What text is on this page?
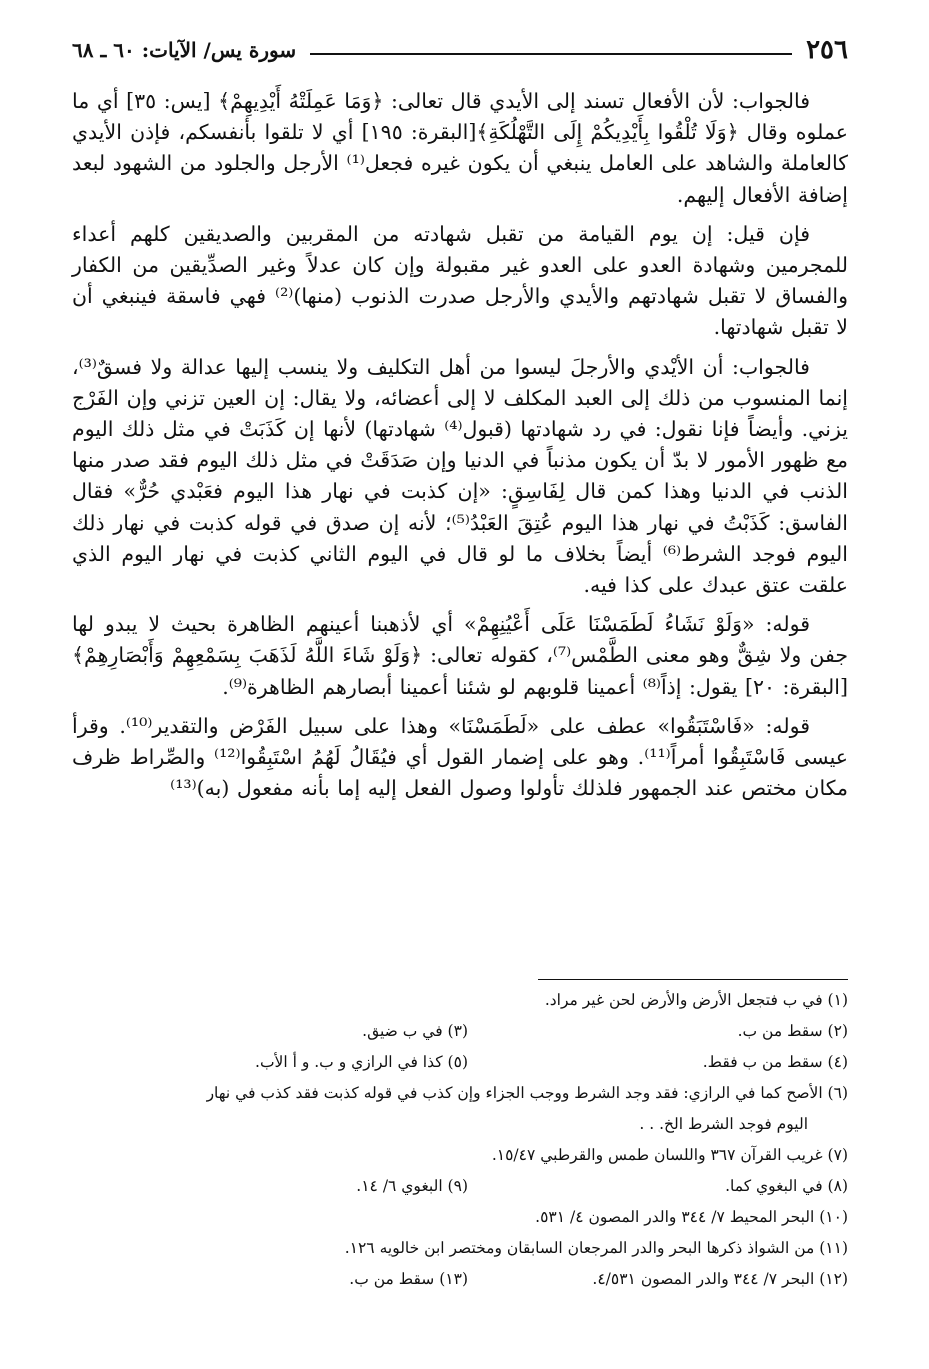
٢٥٦
سورة يس/ الآيات: ٦٠ ـ ٦٨

فالجواب: لأن الأفعال تسند إلى الأيدي قال تعالى: ﴿وَمَا عَمِلَتْهُ أَيْدِيهِمْ﴾ [يس: ٣٥] أي ما عملوه وقال ﴿وَلَا تُلْقُوا بِأَيْدِيكُمْ إِلَى التَّهْلُكَةِ﴾[البقرة: ١٩٥] أي لا تلقوا بأنفسكم، فإذن الأيدي كالعاملة والشاهد على العامل ينبغي أن يكون غيره فجعل⁽¹⁾ الأرجل والجلود من الشهود لبعد إضافة الأفعال إليهم.

فإن قيل: إن يوم القيامة من تقبل شهادته من المقربين والصديقين كلهم أعداء للمجرمين وشهادة العدو على العدو غير مقبولة وإن كان عدلاً وغير الصدِّيقين من الكفار والفساق لا تقبل شهادتهم والأيدي والأرجل صدرت الذنوب (منها)⁽²⁾ فهي فاسقة فينبغي أن لا تقبل شهادتها.

فالجواب: أن الأيْدي والأرجلَ ليسوا من أهل التكليف ولا ينسب إليها عدالة ولا فسقٌ⁽³⁾، إنما المنسوب من ذلك إلى العبد المكلف لا إلى أعضائه، ولا يقال: إن العين تزني وإن الفَرْج يزني. وأيضاً فإنا نقول: في رد شهادتها (قبول⁽⁴⁾ شهادتها) لأنها إن كَذَبَتْ في مثل ذلك اليوم مع ظهور الأمور لا بدّ أن يكون مذنباً في الدنيا وإن صَدَقَتْ في مثل ذلك اليوم فقد صدر منها الذنب في الدنيا وهذا كمن قال لِفَاسِقٍ: «إن كذبت في نهار هذا اليوم فعَبْدي حُرٌّ» فقال الفاسق: كَذَبْتُ في نهار هذا اليوم عُتِقَ العَبْدُ⁽⁵⁾؛ لأنه إن صدق في قوله كذبت في نهار ذلك اليوم فوجد الشرط⁽⁶⁾ أيضاً بخلاف ما لو قال في اليوم الثاني كذبت في نهار اليوم الذي علقت عتق عبدك على كذا فيه.

قوله: «وَلَوْ نَشَاءُ لَطَمَسْنَا عَلَى أَعْيُنِهِمْ» أي لأذهبنا أعينهم الظاهرة بحيث لا يبدو لها جفن ولا شِقٌّ وهو معنى الطَّمْس⁽⁷⁾، كقوله تعالى: ﴿وَلَوْ شَاءَ اللَّهُ لَذَهَبَ بِسَمْعِهِمْ وَأَبْصَارِهِمْ﴾ [البقرة: ٢٠] يقول: إذاً⁽⁸⁾ أعمينا قلوبهم لو شئنا أعمينا أبصارهم الظاهرة⁽⁹⁾.

قوله: «فَاسْتَبَقُوا» عطف على «لَطَمَسْنَا» وهذا على سبيل الفَرْض والتقدير⁽¹⁰⁾. وقرأ عيسى فَاسْتَبِقُوا أمراً⁽¹¹⁾. وهو على إضمار القول أي فيُقَالُ لَهُمُ اسْتَبِقُوا⁽¹²⁾ والصِّراط ظرف مكان مختص عند الجمهور فلذلك تأولوا وصول الفعل إليه إما بأنه مفعول (به)⁽¹³⁾

(١) في ب فتجعل الأرض والأرض لحن غير مراد.
(٢) سقط من ب.
(٣) في ب ضيق.
(٤) سقط من ب فقط.
(٥) كذا في الرازي و ب. و أ الأب.
(٦) الأصح كما في الرازي: فقد وجد الشرط ووجب الجزاء وإن كذب في قوله كذبت فقد كذب في نهار
اليوم فوجد الشرط الخ. . .
(٧) غريب القرآن ٣٦٧ واللسان طمس والقرطبي ١٥/٤٧.
(٨) في البغوي كما.
(٩) البغوي ٦/ ١٤.
(١٠) البحر المحيط ٧/ ٣٤٤ والدر المصون ٤/ ٥٣١.
(١١) من الشواذ ذكرها البحر والدر المرجعان السابقان ومختصر ابن خالويه ١٢٦.
(١٢) البحر ٧/ ٣٤٤ والدر المصون ٤/٥٣١.
(١٣) سقط من ب.
